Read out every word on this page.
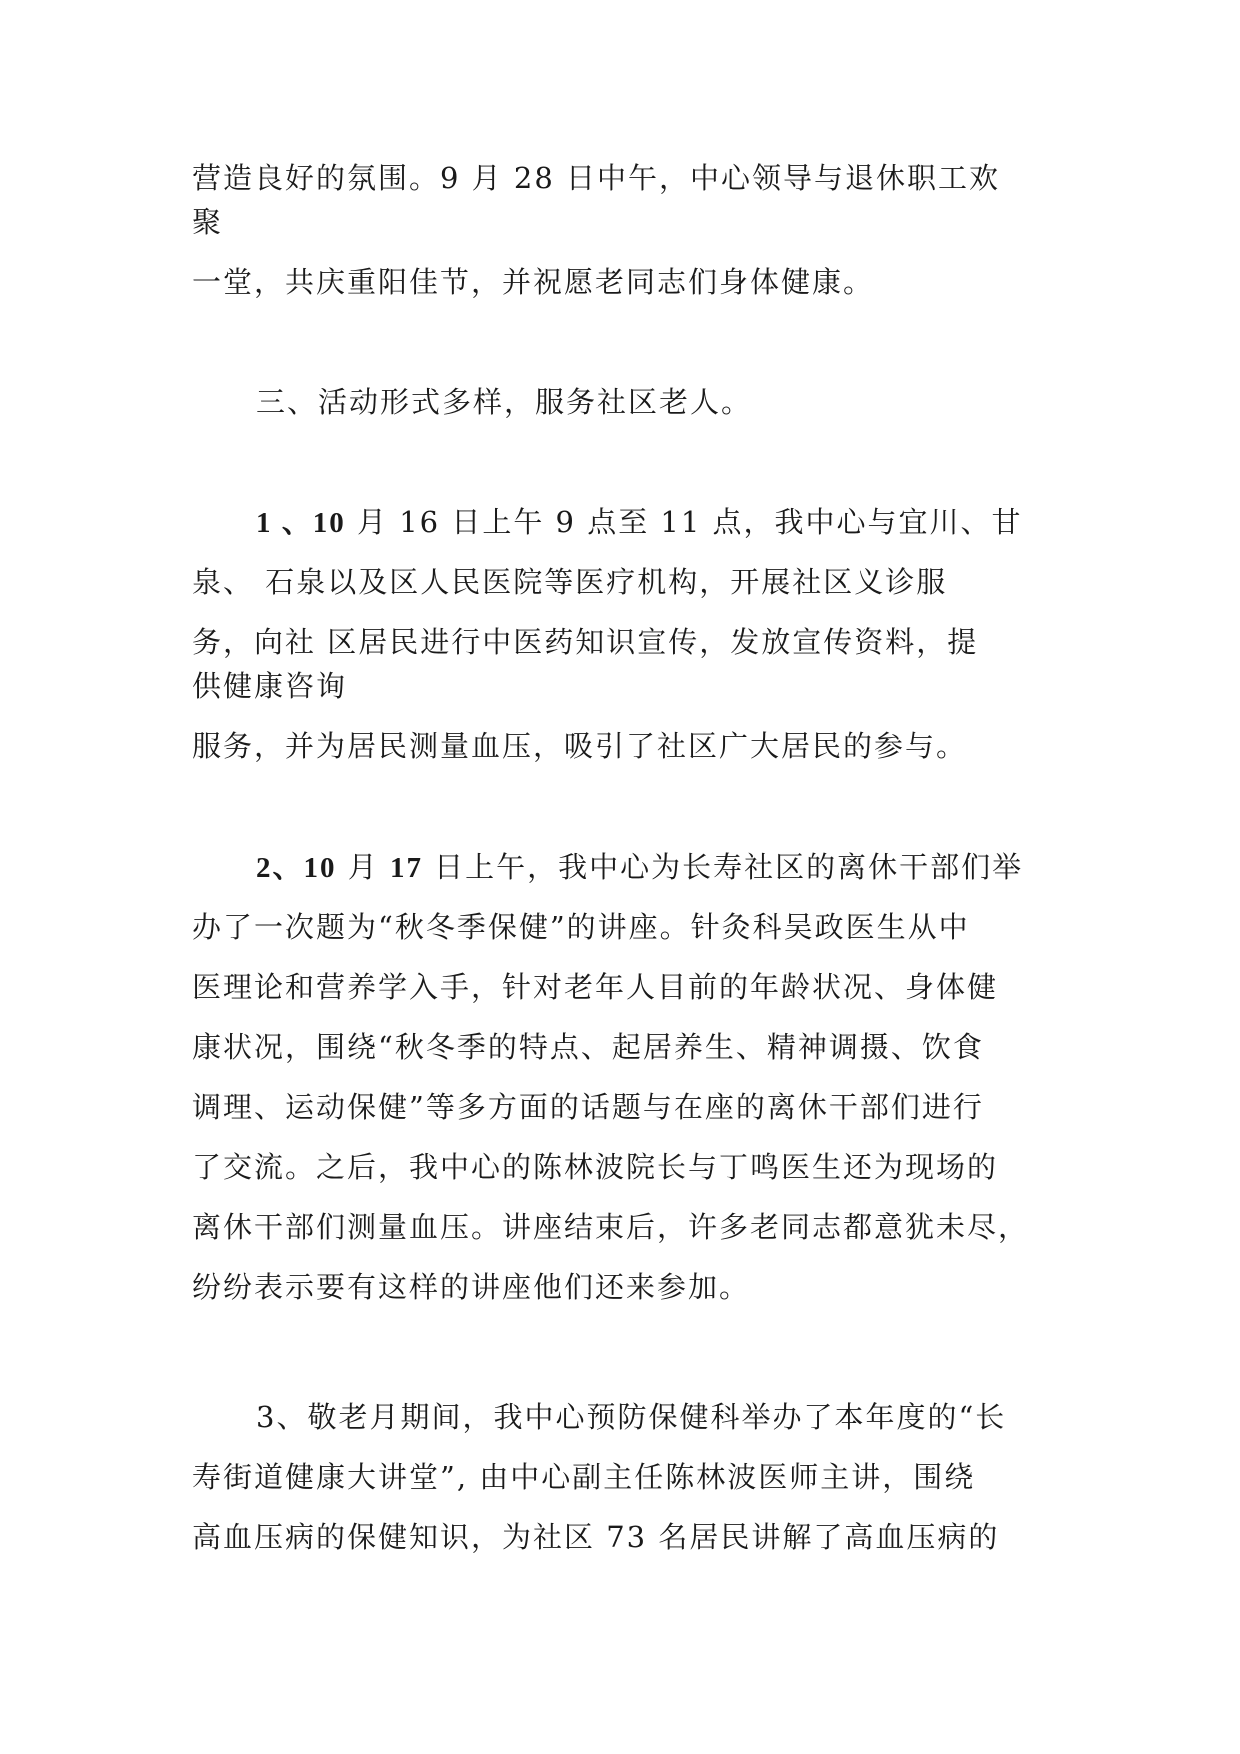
营造良好的氛围。9 月 28 日中午，中心领导与退休职工欢
聚
一堂，共庆重阳佳节，并祝愿老同志们身体健康。
三、活动形式多样，服务社区老人。
1 、10 月 16 日上午 9 点至 11 点，我中心与宜川、甘
泉、 石泉以及区人民医院等医疗机构，开展社区义诊服
务，向社 区居民进行中医药知识宣传，发放宣传资料，提
供健康咨询
服务，并为居民测量血压，吸引了社区广大居民的参与。
2、10 月 17 日上午，我中心为长寿社区的离休干部们举
办了一次题为“秋冬季保健”的讲座。针灸科吴政医生从中
医理论和营养学入手，针对老年人目前的年龄状况、身体健
康状况，围绕“秋冬季的特点、起居养生、精神调摄、饮食
调理、运动保健”等多方面的话题与在座的离休干部们进行
了交流。之后，我中心的陈林波院长与丁鸣医生还为现场的
离休干部们测量血压。讲座结束后，许多老同志都意犹未尽，
纷纷表示要有这样的讲座他们还来参加。
3、敬老月期间，我中心预防保健科举办了本年度的“长
寿街道健康大讲堂”, 由中心副主任陈林波医师主讲，围绕
高血压病的保健知识，为社区 73 名居民讲解了高血压病的
